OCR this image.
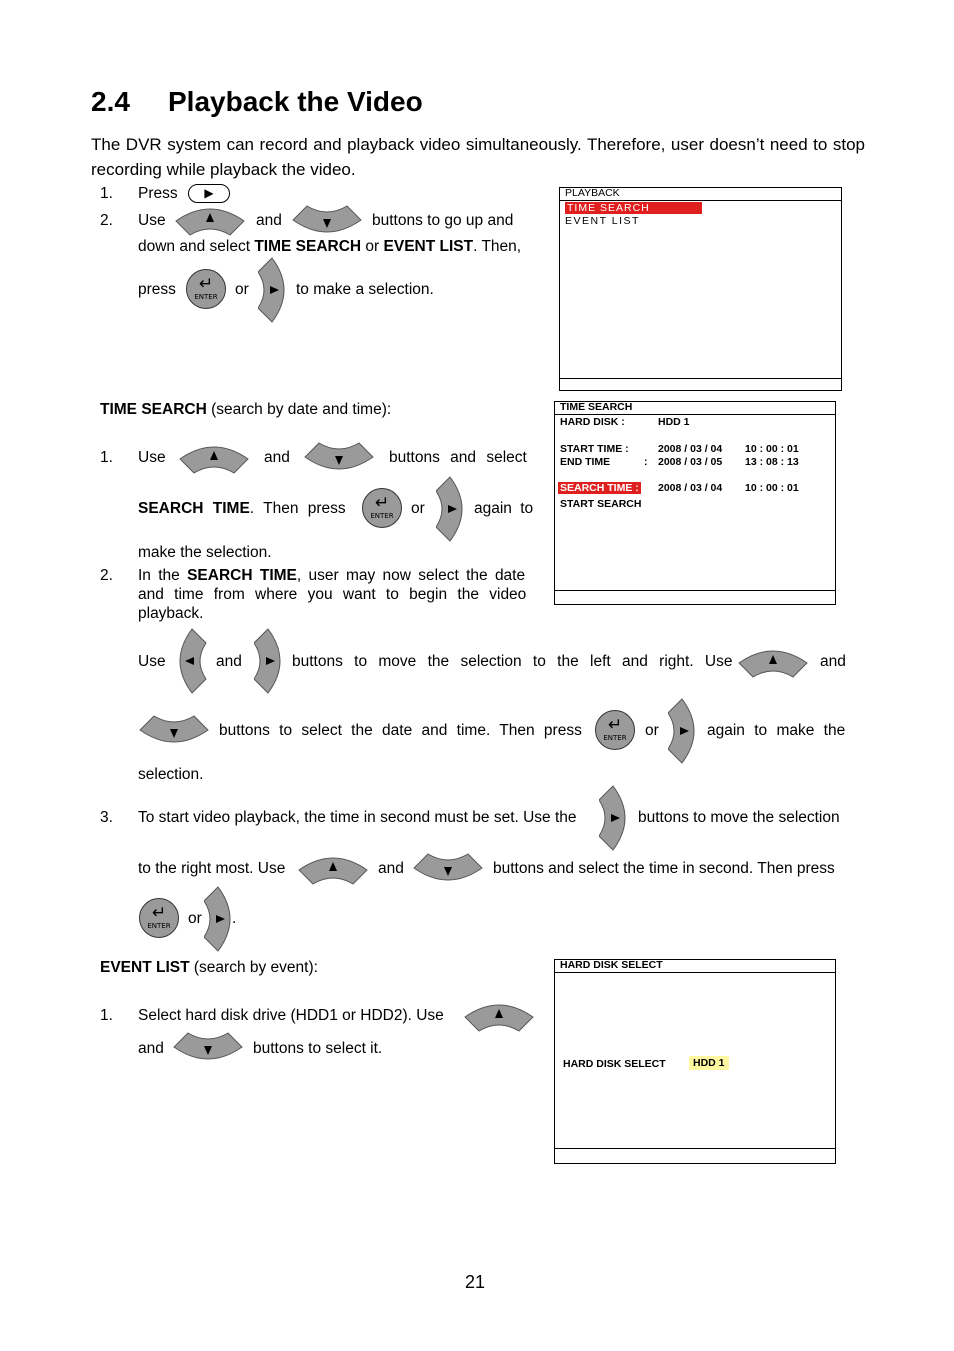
2.4 Playback the Video
The DVR system can record and playback video simultaneously. Therefore, user doesn’t need to stop recording while playback the video.
1. Press	▶
2. Use	and	buttons to go up and
down and select TIME SEARCH or EVENT LIST. Then,
press ↵
ENTER	or	to make a selection.
PLAYBACK
TIME SEARCH
EVENT LIST
TIME SEARCH (search by date and time):
1. Use	and	buttons and select
SEARCH TIME. Then press ↵
ENTER	or	again to
make the selection.
2. In the SEARCH TIME, user may now select the date
and time from where you want to begin the video
playback.
Use	and	buttons to move the selection to the left and right. Use	and
buttons to select the date and time. Then press ↵
ENTER	or	again to make the
selection.
3. To start video playback, the time in second must be set. Use the	buttons to move the selection
to the right most. Use	and	buttons and select the time in second. Then press
↵
ENTER	or .
TIME SEARCH
HARD DISK :	HDD 1
START TIME :	2008 / 03 / 04 10 : 00 : 01
END TIME	: 2008 / 03 / 05 13 : 08 : 13
SEARCH TIME : 2008 / 03 / 04 10 : 00 : 01
START SEARCH
EVENT LIST (search by event):
1. Select hard disk drive (HDD1 or HDD2). Use
and	buttons to select it.
HARD DISK SELECT
HARD DISK SELECT	HDD 1
21
